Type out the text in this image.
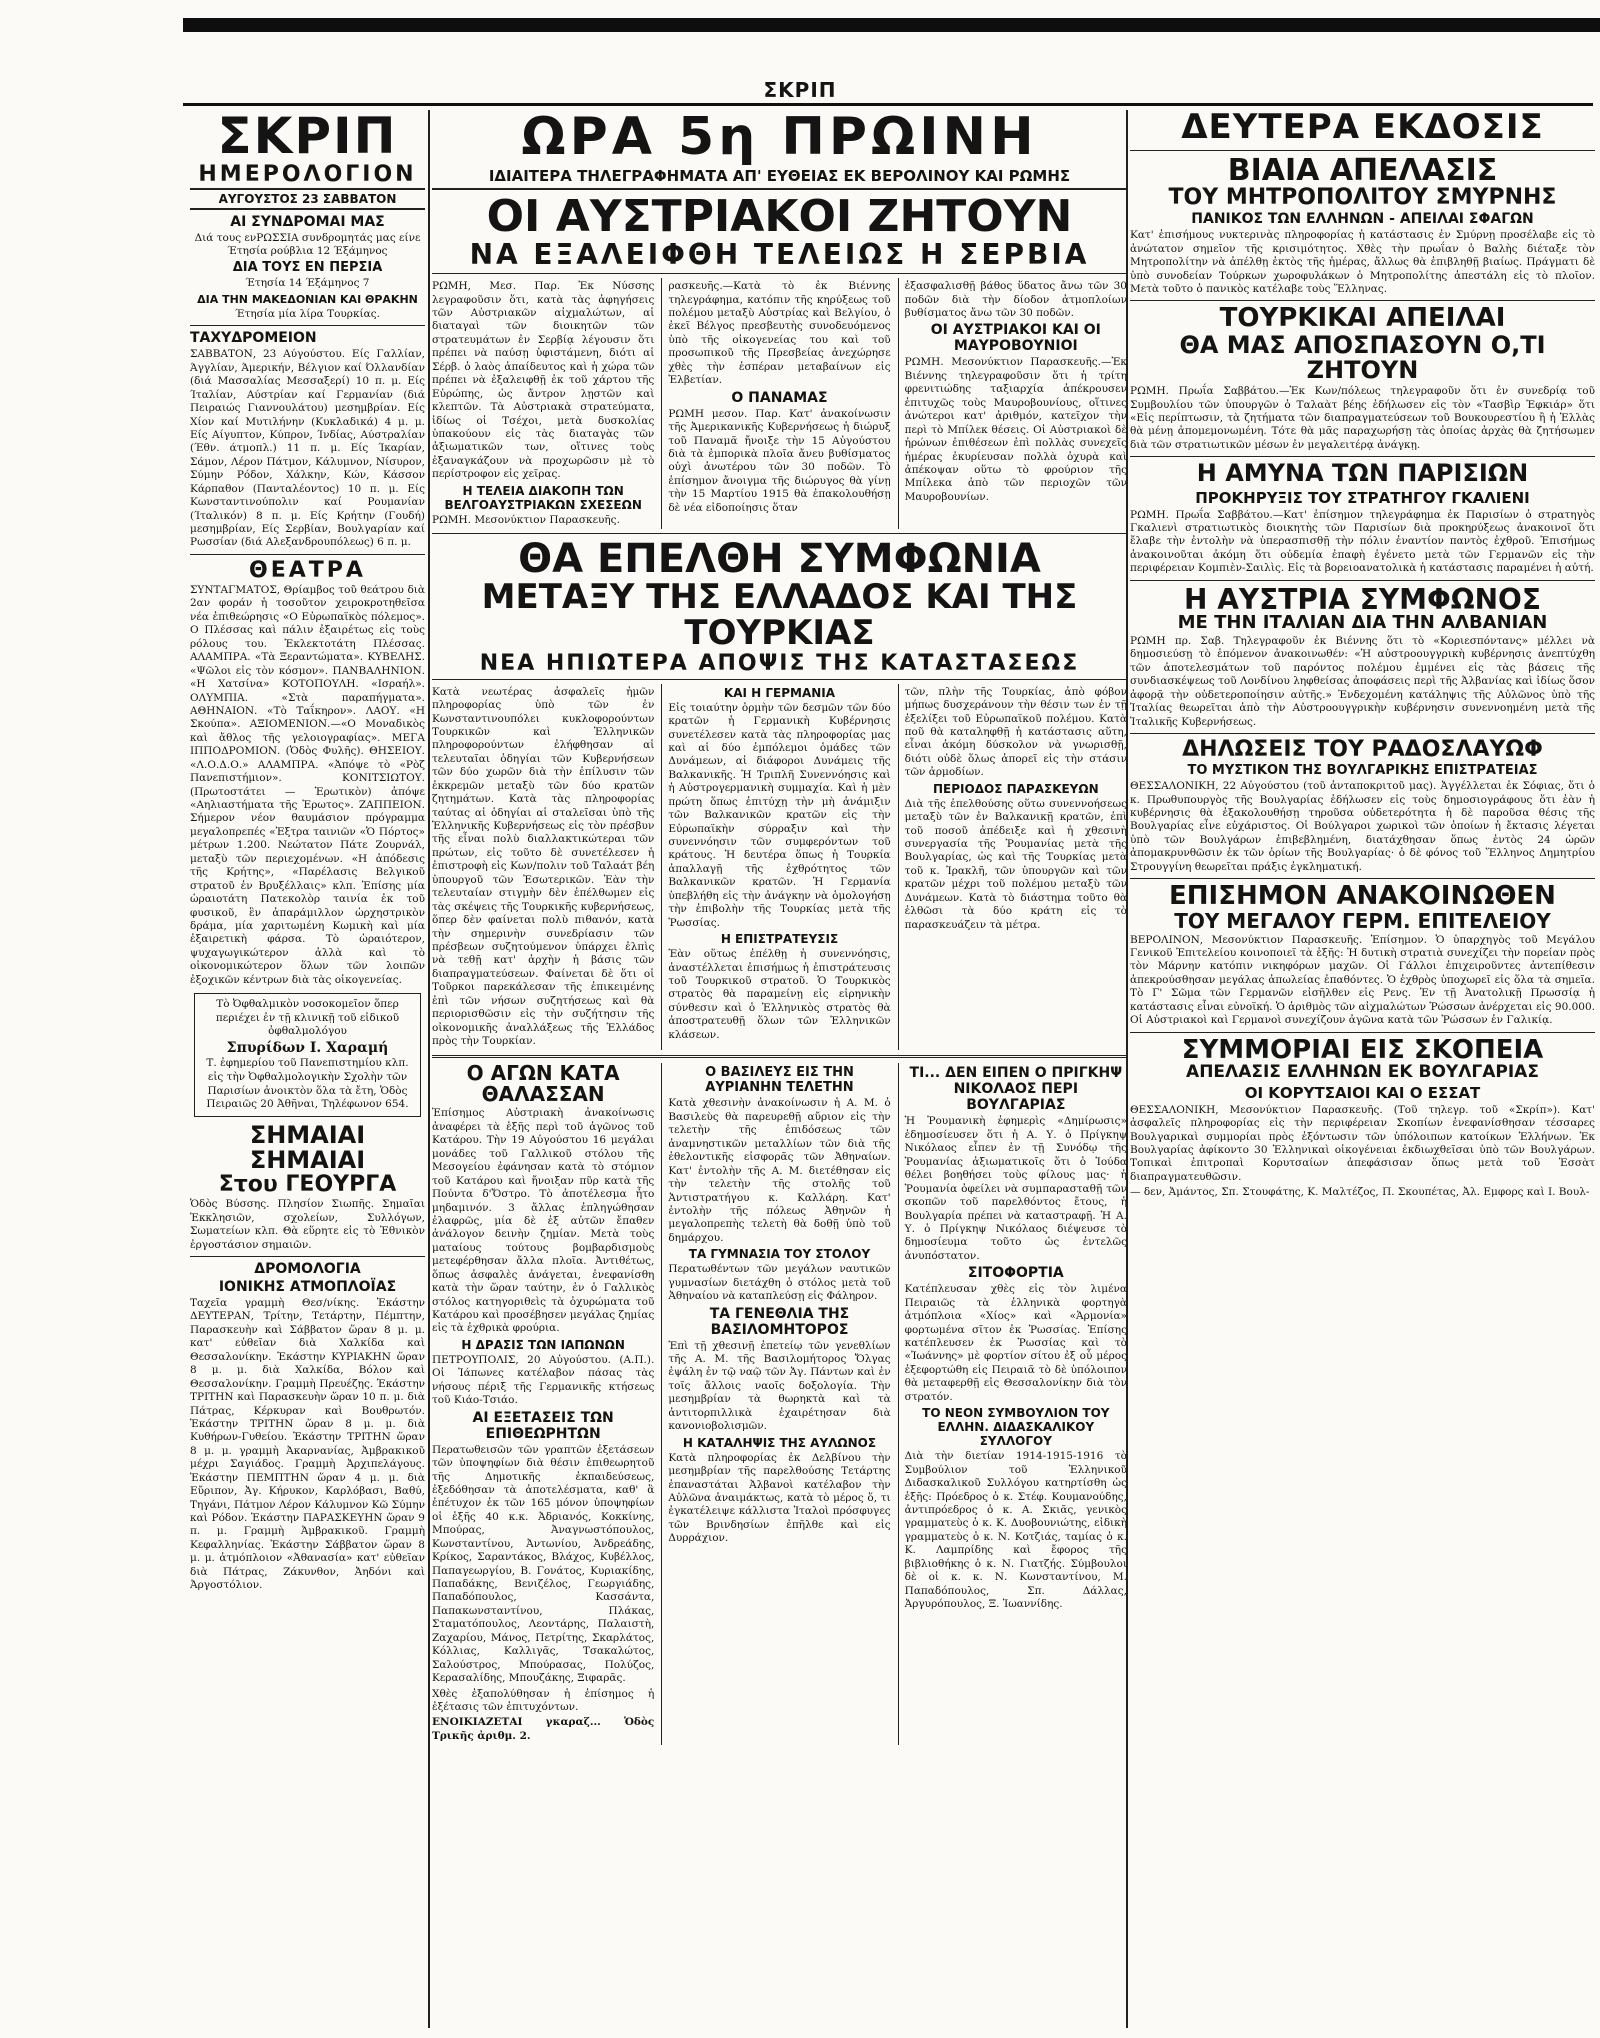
ΣΚΡΙΠ
ΣΚΡΙΠ
ΗΜΕΡΟΛΟΓΙΟΝ
ΑΥΓΟΥΣΤΟΣ 23 ΣΑΒΒΑΤΟΝ
ΑΙ ΣΥΝΔΡΟΜΑΙ ΜΑΣ
Διά τους ενΡΩΣΣΙΑ συνδρομητάς μας είνε Έτησία ρούβλια 12 Έξάμηνος
ΔΙΑ ΤΟΥΣ ΕΝ ΠΕΡΣΙΑ
Έτησία 14 Έξάμηνος 7
ΔΙΑ ΤΗΝ ΜΑΚΕΔΟΝΙΑΝ ΚΑΙ ΘΡΑΚΗΝ
Έτησία μία λίρα Τουρκίας.
ΤΑΧΥΔΡΟΜΕΙΟΝ
ΣΑΒΒΑΤΟΝ, 23 Αύγούστου. Είς Γαλλίαν, Άγγλίαν, Άμερικήν, Βέλγιον καί Όλλανδίαν (διά Μασσαλίας Μεσσαξερί) 10 π. μ. Είς Ίταλίαν, Αύστρίαν καί Γερμανίαν (διά Πειραιώς Γιαννουλάτου) μεσημβρίαν. Είς Χίον καί Μυτιλήνην (Κυκλαδικά) 4 μ. μ. Είς Αίγυπτον, Κύπρον, Ίνδίας, Αύστραλίαν (Έθν. άτμοπλ.) 11 π. μ. Είς Ίκαρίαν, Σάμον, Λέρον Πάτμον, Κάλυμνον, Νίσυρον, Σύμην Ρόδον, Χάλκην, Κών, Κάσσον Κάρπαθον (Πανταλέοντος) 10 π. μ. Είς Κωνσταντινούπολιν καί Ρουμανίαν (Ίταλικόν) 8 π. μ. Είς Κρήτην (Γουδή) μεσημβρίαν, Είς Σερβίαν, Βουλγαρίαν καί Ρωσσίαν (διά Αλεξανδρουπόλεως) 6 π. μ.
ΘΕΑΤΡΑ
ΣΥΝΤΑΓΜΑΤΟΣ, Θρίαμβος τοῦ θεάτρου διὰ 2αν φοράν ἡ τοσοῦτον χειροκροτηθεῖσα νέα ἐπιθεώρησις «Ο Εὐρωπαϊκὸς πόλεμος». Ο Πλέσσας καὶ πάλιν ἐξαιρέτως εἰς τοὺς ρόλους του. Ἐκλεκτοτάτη Πλέσσας. ΑΛΑΜΠΡΑ. «Τὰ Ξεραντώματα». ΚΥΒΕΛΗΣ. «Ψῶλοι εἰς τὸν κόσμον». ΠΑΝΒΑΛΗΝΙΟΝ. «Η Χατσίνα» ΚΟΤΟΠΟΥΛΗ. «Ισραήλ». ΟΛΥΜΠΙΑ. «Στὰ παραπήγματα». ΑΘΗΝΑΙΟΝ. «Τὸ Ταΐκηρον». ΛΑΟΥ. «Η Σκούπα». ΑΞΙΟΜΕΝΙΟΝ.—«Ο Μοναδικὸς καὶ ἄθλος τῆς γελοιογραφίας». ΜΕΓΑ ΙΠΠΟΔΡΟΜΙΟΝ. (Ὁδὸς Φυλῆς). ΘΗΣΕΙΟΥ. «Λ.Ο.Δ.Ο.» ΑΛΑΜΠΡΑ. «Ἀπόψε τὸ «Ρὸζ Πανεπιστήμιον». ΚΟΝΙΤΣΙΩΤΟΥ. (Πρωτοστάτει — Ἑρωτικὸν) ἀπόψε «Αηλιαστήματα τῆς Ἑρωτος». ΖΑΠΠΕΙΟΝ. Σήμερον νέον θαυμάσιον πρόγραμμα μεγαλοπρεπές «Ἐξτρα ταινιῶν «Ὁ Πόρτος» μέτρων 1.200. Νεώτατον Πάτε Ζουρνάλ, μεταξὺ τῶν περιεχομένων. «Η ἀπόδεσις τῆς Κρήτης», «Παρέλασις Βελγικοῦ στρατοῦ ἐν Βρυξέλλαις» κλπ. Ἐπίσης μία ὡραιοτάτη Πατεκολὸρ ταινία ἐκ τοῦ φυσικοῦ, ἓν ἀπαράμιλλον ὠρχηστρικὸν δράμα, μία χαριτωμένη Κωμικὴ καὶ μία ἐξαιρετικὴ φάρσα. Τὸ ὡραιότερον, ψυχαγωγικώτερον ἀλλὰ καὶ τὸ οἰκονομικώτερον ὅλων τῶν λοιπῶν ἐξοχικῶν κέντρων διὰ τὰς οἰκογενείας.
Τὸ Ὀφθαλμικὸν νοσοκομεῖον ὅπερ περιέχει ἐν τῇ κλινικῇ τοῦ εἰδικοῦ ὀφθαλμολόγου
Σπυρίδων Ι. Χαραμή
Τ. ἐφημερίου τοῦ Πανεπιστημίου κλπ. εἰς τὴν Ὀφθαλμολογικὴν Σχολὴν τῶν Παρισίων ἀνοικτὸν ὅλα τὰ ἔτη, Ὁδὸς Πειραιῶς 20 Ἀθῆναι, Τηλέφωνον 654.
ΣΗΜΑΙΑΙ ΣΗΜΑΙΑΙ
Στου ΓΕΟΥΡΓΑ
Ὁδὸς Βύσσης. Πλησίον Σιωπῆς. Σημαῖαι Ἐκκλησιῶν, σχολείων, Συλλόγων, Σωματείων κλπ. Θὰ εὕρητε εἰς τὸ Ἐθνικὸν ἐργοστάσιον σημαιῶν.
ΔΡΟΜΟΛΟΓΙΑ
ΙΟΝΙΚΗΣ ΑΤΜΟΠΛΟΪΑΣ
Ταχεῖα γραμμὴ Θεσ/νίκης. Ἑκάστην ΔΕΥΤΕΡΑΝ, Τρίτην, Τετάρτην, Πέμπτην, Παρασκευὴν καὶ Σάββατον ὥραν 8 μ. μ. κατ' εὐθεῖαν διὰ Χαλκίδα καὶ Θεσσαλονίκην. Ἑκάστην ΚΥΡΙΑΚΗΝ ὥραν 8 μ. μ. διὰ Χαλκίδα, Βόλον καὶ Θεσσαλονίκην. Γραμμὴ Πρευέζης. Ἑκάστην ΤΡΙΤΗΝ καὶ Παρασκευὴν ὥραν 10 π. μ. διὰ Πάτρας, Κέρκυραν καὶ Βουθρωτόν. Ἑκάστην ΤΡΙΤΗΝ ὥραν 8 μ. μ. διὰ Κυθήρων-Γυθείου. Ἑκάστην ΤΡΙΤΗΝ ὥραν 8 μ. μ. γραμμὴ Ἀκαρνανίας, Ἀμβρακικοῦ μέχρι Σαγιάδος. Γραμμὴ Ἀρχιπελάγους. Ἑκάστην ΠΕΜΠΤΗΝ ὥραν 4 μ. μ. διὰ Εὔριπον, Ἀγ. Κήρυκον, Καρλόβασι, Βαθύ, Τηγάνι, Πάτμον Λέρον Κάλυμνον Κῶ Σύμην καὶ Ρόδον. Ἑκάστην ΠΑΡΑΣΚΕΥΗΝ ὥραν 9 π. μ. Γραμμὴ Ἀμβρακικοῦ. Γραμμὴ Κεφαλληνίας. Ἑκάστην Σάββατον ὥραν 8 μ. μ. ἀτμόπλοιον «Ἀθανασία» κατ' εὐθεῖαν διὰ Πάτρας, Ζάκυνθον, Ἀηδόνι καὶ Ἀργοστόλιον.
ΩΡΑ 5η ΠΡΩΙΝΗ
ΙΔΙΑΙΤΕΡΑ ΤΗΛΕΓΡΑΦΗΜΑΤΑ ΑΠ' ΕΥΘΕΙΑΣ ΕΚ ΒΕΡΟΛΙΝΟΥ ΚΑΙ ΡΩΜΗΣ
ΟΙ ΑΥΣΤΡΙΑΚΟΙ ΖΗΤΟΥΝ
ΝΑ ΕΞΑΛΕΙΦΘΗ ΤΕΛΕΙΩΣ Η ΣΕΡΒΙΑ
ΡΩΜΗ, Μεσ. Παρ. Ἐκ Νύσσης λεγραφοῦσιν ὅτι, κατὰ τὰς ἀφηγήσεις τῶν Αὐστριακῶν αἰχμαλώτων, αἱ διαταγαὶ τῶν διοικητῶν τῶν στρατευμάτων ἐν Σερβίᾳ λέγουσιν ὅτι πρέπει νὰ παύσῃ ὑφιστάμενη, διότι αἱ Σέρβ. ὁ λαὸς ἀπαίδευτος καὶ ἡ χώρα τῶν πρέπει νὰ ἐξαλειφθῇ ἐκ τοῦ χάρτου τῆς Εὐρώπης, ὡς ἄντρον λῃστῶν καὶ κλεπτῶν. Τὰ Αὐστριακὰ στρατεύματα, ἰδίως οἱ Τσέχοι, μετὰ δυσκολίας ὑπακούουν εἰς τὰς διαταγὰς τῶν ἀξιωματικῶν των, οἵτινες τοὺς ἐξαναγκάζουν νὰ προχωρῶσιν μὲ τὸ περίστροφον εἰς χεῖρας.
Η ΤΕΛΕΙΑ ΔΙΑΚΟΠΗ ΤΩΝ ΒΕΛΓΟΑΥΣΤΡΙΑΚΩΝ ΣΧΕΣΕΩΝ
ΡΩΜΗ. Μεσονύκτιον Παρασκευῆς.
ρασκευῆς.—Κατὰ τὸ ἐκ Βιέννης τηλεγράφημα, κατόπιν τῆς κηρύξεως τοῦ πολέμου μεταξὺ Αὐστρίας καὶ Βελγίου, ὁ ἐκεῖ Βέλγος πρεσβευτὴς συνοδευόμενος ὑπὸ τῆς οἰκογενείας του καὶ τοῦ προσωπικοῦ τῆς Πρεσβείας ἀνεχώρησε χθὲς τὴν ἑσπέραν μεταβαίνων εἰς Ἑλβετίαν.
Ο ΠΑΝΑΜΑΣ
ΡΩΜΗ μεσον. Παρ. Κατ' ἀνακοίνωσιν τῆς Ἀμερικανικῆς Κυβερνήσεως ἡ διώρυξ τοῦ Παναμᾶ ἤνοιξε τὴν 15 Αὐγούστου διὰ τὰ ἐμπορικὰ πλοῖα ἄνευ βυθίσματος οὐχὶ ἀνωτέρου τῶν 30 ποδῶν. Τὸ ἐπίσημον ἄνοιγμα τῆς διώρυγος θὰ γίνῃ τὴν 15 Μαρτίου 1915 θὰ ἐπακολουθήσῃ δὲ νέα εἰδοποίησις ὅταν
ἐξασφαλισθῇ βάθος ὕδατος ἄνω τῶν 30 ποδῶν διὰ τὴν δίοδον ἀτμοπλοίων βυθίσματος ἄνω τῶν 30 ποδῶν.
ΟΙ ΑΥΣΤΡΙΑΚΟΙ ΚΑΙ ΟΙ ΜΑΥΡΟΒΟΥΝΙΟΙ
ΡΩΜΗ. Μεσονύκτιον Παρασκευῆς.—Ἐκ Βιέννης τηλεγραφοῦσιν ὅτι ἡ τρίτη φρενιτιώδης ταξιαρχία ἀπέκρουσεν ἐπιτυχῶς τοὺς Μαυροβουνίους, οἵτινες ἀνώτεροι κατ' ἀριθμόν, κατεῖχον τὴν περὶ τὸ Μπίλεκ θέσεις. Οἱ Αὐστριακοὶ δὲ ἠρώνων ἐπιθέσεων ἐπὶ πολλὰς συνεχεῖς ἡμέρας ἐκυρίευσαν πολλὰ ὀχυρὰ καὶ ἀπέκοψαν οὕτω τὸ φρούριον τῆς Μπίλεκα ἀπὸ τῶν περιοχῶν τῶν Μαυροβουνίων.
ΘΑ ΕΠΕΛΘΗ ΣΥΜΦΩΝΙΑ
ΜΕΤΑΞΥ ΤΗΣ ΕΛΛΑΔΟΣ ΚΑΙ ΤΗΣ ΤΟΥΡΚΙΑΣ
ΝΕΑ ΗΠΙΩΤΕΡΑ ΑΠΟΨΙΣ ΤΗΣ ΚΑΤΑΣΤΑΣΕΩΣ
Κατὰ νεωτέρας ἀσφαλεῖς ἡμῶν πληροφορίας ὑπὸ τῶν ἐν Κωνσταντινουπόλει κυκλοφορούντων Τουρκικῶν καὶ Ἑλληνικῶν πληροφορούντων ἐλήφθησαν αἱ τελευταῖαι ὁδηγίαι τῶν Κυβερνήσεων τῶν δύο χωρῶν διὰ τὴν ἐπίλυσιν τῶν ἐκκρεμῶν μεταξὺ τῶν δύο κρατῶν ζητημάτων. Κατὰ τὰς πληροφορίας ταύτας αἱ ὁδηγίαι αἱ σταλεῖσαι ὑπὸ τῆς Ἑλληνικῆς Κυβερνήσεως εἰς τὸν πρέσβυν τῆς εἶναι πολὺ διαλλακτικώτεραι τῶν πρώτων, εἰς τοῦτο δὲ συνετέλεσεν ἡ ἐπιστροφὴ εἰς Κων/πολιν τοῦ Ταλαάτ βέη ὑπουργοῦ τῶν Ἐσωτερικῶν. Ἐὰν τὴν τελευταίαν στιγμὴν δὲν ἐπέλθωμεν εἰς τὰς σκέψεις τῆς Τουρκικῆς κυβερνήσεως, ὅπερ δὲν φαίνεται πολὺ πιθανόν, κατὰ τὴν σημερινὴν συνεδρίασιν τῶν πρέσβεων συζητούμενον ὑπάρχει ἐλπὶς νὰ τεθῇ κατ' ἀρχὴν ἡ βάσις τῶν διαπραγματεύσεων. Φαίνεται δὲ ὅτι οἱ Τοῦρκοι παρεκάλεσαν τῆς ἐπικειμένης ἐπὶ τῶν νήσων συζητήσεως καὶ θὰ περιορισθῶσιν εἰς τὴν συζήτησιν τῆς οἰκονομικῆς ἀναλλάξεως τῆς Ἑλλάδος πρὸς τὴν Τουρκίαν.
ΚΑΙ Η ΓΕΡΜΑΝΙΑ
Εἰς τοιαύτην ὁρμὴν τῶν δεσμῶν τῶν δύο κρατῶν ἡ Γερμανικὴ Κυβέρνησις συνετέλεσεν κατὰ τὰς πληροφορίας μας καὶ αἱ δύο ἐμπόλεμοι ὁμάδες τῶν Δυνάμεων, αἱ διάφοροι Δυνάμεις τῆς Βαλκανικῆς. Ἡ Τριπλῆ Συνεννόησις καὶ ἡ Αὐστρογερμανικὴ συμμαχία. Καὶ ἡ μὲν πρώτη ὅπως ἐπιτύχῃ τὴν μὴ ἀνάμιξιν τῶν Βαλκανικῶν κρατῶν εἰς τὴν Εὐρωπαϊκὴν σύρραξιν καὶ τὴν συνεννόησιν τῶν συμφερόντων τοῦ κράτους. Ἡ δευτέρα ὅπως ἡ Τουρκία ἀπαλλαγῇ τῆς ἐχθρότητος τῶν Βαλκανικῶν κρατῶν. Ἡ Γερμανία ὑπεβλήθη εἰς τὴν ἀνάγκην νὰ ὁμολογήσῃ τὴν ἐπιβολὴν τῆς Τουρκίας μετὰ τῆς Ῥωσσίας.
Η ΕΠΙΣΤΡΑΤΕΥΣΙΣ
Ἐὰν οὕτως ἐπέλθῃ ἡ συνεννόησις, ἀναστέλλεται ἐπισήμως ἡ ἐπιστράτευσις τοῦ Τουρκικοῦ στρατοῦ. Ὁ Τουρκικὸς στρατὸς θὰ παραμείνῃ εἰς εἰρηνικὴν σύνθεσιν καὶ ὁ Ἑλληνικὸς στρατὸς θὰ ἀποστρατευθῇ ὅλων τῶν Ἑλληνικῶν κλάσεων.
τῶν, πλὴν τῆς Τουρκίας, ἀπὸ φόβον μήπως δυσχεράνουν τὴν θέσιν των ἐν τῇ ἐξελίξει τοῦ Εὐρωπαϊκοῦ πολέμου. Κατὰ ποῦ θὰ καταληφθῇ ἡ κατάστασις αὕτη, εἶναι ἀκόμη δύσκολον νὰ γνωρισθῇ, διότι οὐδὲ ὅλως ἀπορεῖ εἰς τὴν στάσιν τῶν ἀρμοδίων.
ΠΕΡΙΟΔΟΣ ΠΑΡΑΣΚΕΥΩΝ
Διὰ τῆς ἐπελθούσης οὕτω συνεννοήσεως μεταξὺ τῶν ἐν Βαλκανικῇ κρατῶν, ἐπὶ τοῦ ποσοῦ ἀπέδειξε καὶ ἡ χθεσινὴ συνεργασία τῆς Ῥουμανίας μετὰ τῆς Βουλγαρίας, ὡς καὶ τῆς Τουρκίας μετὰ τοῦ κ. Ἰρακλῆ, τῶν ὑπουργῶν καὶ τῶν κρατῶν μέχρι τοῦ πολέμου μεταξὺ τῶν Δυνάμεων. Κατὰ τὸ διάστημα τοῦτο θὰ ἐλθῶσι τὰ δύο κράτη εἰς τὸ παρασκευάζειν τὰ μέτρα.
Ο ΑΓΩΝ ΚΑΤΑ ΘΑΛΑΣΣΑΝ
Ἐπίσημος Αὐστριακὴ ἀνακοίνωσις ἀναφέρει τὰ ἑξῆς περὶ τοῦ ἀγῶνος τοῦ Κατάρου. Τὴν 19 Αὐγούστου 16 μεγάλαι μονάδες τοῦ Γαλλικοῦ στόλου τῆς Μεσογείου ἐφάνησαν κατὰ τὸ στόμιον τοῦ Κατάρου καὶ ἤνοιξαν πῦρ κατὰ τῆς Πούντα δ'Ὄστρο. Τὸ ἀποτέλεσμα ἦτο μηδαμινόν. 3 ἄλλας ἐπληγώθησαν ἐλαφρῶς, μία δὲ ἐξ αὐτῶν ἔπαθεν ἀνάλογον δεινὴν ζημίαν. Μετὰ τοὺς ματαίους τούτους βομβαρδισμοὺς μετεφέρθησαν ἄλλα πλοῖα. Ἀντιθέτως, ὅπως ἀσφαλὲς ἀνάγεται, ἐνεφανίσθη κατὰ τὴν ὥραν ταύτην, ἐν ὁ Γαλλικὸς στόλος κατηγοριθεὶς τὰ ὀχυρώματα τοῦ Κατάρου καὶ προσέβησεν μεγάλας ζημίας εἰς τὰ ἐχθρικὰ φρούρια.
Η ΔΡΑΣΙΣ ΤΩΝ ΙΑΠΩΝΩΝ
ΠΕΤΡΟΥΠΟΛΙΣ, 20 Αὐγούστου. (Α.Π.). Οἱ Ἰάπωνες κατέλαβον πάσας τὰς νήσους πέριξ τῆς Γερμανικῆς κτήσεως τοῦ Κιάο-Τσιάο.
ΑΙ ΕΞΕΤΑΣΕΙΣ ΤΩΝ ΕΠΙΘΕΩΡΗΤΩΝ
Περατωθεισῶν τῶν γραπτῶν ἐξετάσεων τῶν ὑποψηφίων διὰ θέσιν ἐπιθεωρητοῦ τῆς Δημοτικῆς ἐκπαιδεύσεως, ἐξεδόθησαν τὰ ἀποτελέσματα, καθ' ἃ ἐπέτυχον ἐκ τῶν 165 μόνον ὑποψηφίων οἱ ἑξῆς 40 κ.κ. Ἀδριανός, Κοκκίνης, Μπούρας, Ἀναγνωστόπουλος, Κωνσταντίνου, Ἀντωνίου, Ἀνδρεάδης, Κρίκος, Σαραντάκος, Βλάχος, Κυβέλλος, Παπαγεωργίου, Β. Γονάτος, Κυριακίδης, Παπαδάκης, Βενιζέλος, Γεωργιάδης, Παπαδόπουλος, Κασσάντα, Παπακωνσταντίνου, Πλάκας, Σταματόπουλος, Λεοντάρης, Παλαιστὴ, Ζαχαρίου, Μάνος, Πετρίτης, Σκαρλάτος, Κόλλιας, Καλλιγᾶς, Τσακαλώτος, Σαλούστρος, Μπούρασας, Πολύζος, Κερασαλίδης, Μπουζάκης, Ξιφαρᾶς.
Χθὲς ἐξαπολύθησαν ἡ ἐπίσημος ἡ ἐξέτασις τῶν ἐπιτυχόντων.
ΕΝΟΙΚΙΑΖΕΤΑΙ γκαραζ... Ὁδὸς Τρικῆς ἀριθμ. 2.
Ο ΒΑΣΙΛΕΥΣ ΕΙΣ ΤΗΝ ΑΥΡΙΑΝΗΝ ΤΕΛΕΤΗΝ
Κατὰ χθεσινὴν ἀνακοίνωσιν ἡ Α. Μ. ὁ Βασιλεὺς θὰ παρευρεθῇ αὔριον εἰς τὴν τελετὴν τῆς ἐπιδόσεως τῶν ἀναμνηστικῶν μεταλλίων τῶν διὰ τῆς ἐθελοντικῆς εἰσφορᾶς τῶν Ἀθηναίων. Κατ' ἐντολὴν τῆς Α. Μ. διετέθησαν εἰς τὴν τελετὴν τῆς στολῆς τοῦ Ἀντιστρατήγου κ. Καλλάρη. Κατ' ἐντολὴν τῆς πόλεως Ἀθηνῶν ἡ μεγαλοπρεπὴς τελετὴ θὰ δοθῇ ὑπὸ τοῦ δημάρχου.
ΤΑ ΓΥΜΝΑΣΙΑ ΤΟΥ ΣΤΟΛΟΥ
Περατωθέντων τῶν μεγάλων ναυτικῶν γυμνασίων διετάχθη ὁ στόλος μετὰ τοῦ Ἀθηναίου νὰ καταπλεύσῃ εἰς Φάληρον.
ΤΑ ΓΕΝΕΘΛΙΑ ΤΗΣ ΒΑΣΙΛΟΜΗΤΟΡΟΣ
Ἐπὶ τῇ χθεσινῇ ἐπετείῳ τῶν γενεθλίων τῆς Α. Μ. τῆς Βασιλομήτορος Ὄλγας ἐψάλη ἐν τῷ ναῷ τῶν Ἀγ. Πάντων καὶ ἐν τοῖς ἄλλοις ναοῖς δοξολογία. Τὴν μεσημβρίαν τὰ θωρηκτὰ καὶ τὰ ἀντιτορπιλλικὰ ἐχαιρέτησαν διὰ κανονιοβολισμῶν.
Η ΚΑΤΑΛΗΨΙΣ ΤΗΣ ΑΥΛΩΝΟΣ
Κατὰ πληροφορίας ἐκ Δελβίνου τὴν μεσημβρίαν τῆς παρελθούσης Τετάρτης ἐπαναστάται Ἀλβανοὶ κατέλαβον τὴν Αὐλῶνα ἀναιμάκτως, κατὰ τὸ μέρος ὅ, τι ἐγκατέλειψε κάλλιστα Ἰταλοὶ πρόσφυγες τῶν Βρινδησίων ἐπῆλθε καὶ εἰς Δυρράχιον.
ΤΙ... ΔΕΝ ΕΙΠΕΝ Ο ΠΡΙΓΚΗΨ ΝΙΚΟΛΑΟΣ ΠΕΡΙ ΒΟΥΛΓΑΡΙΑΣ
Ἡ Ῥουμανικὴ ἐφημερὶς «Δημίρωσις» ἐδημοσίευσεν ὅτι ἡ Α. Υ. ὁ Πρίγκηψ Νικόλαος εἶπεν ἐν τῇ Συνόδῳ τῆς Ῥουμανίας ἀξιωματικοῖς ὅτι ὁ Ἰούδα θέλει βοηθήσει τοὺς φίλους μας· ἡ Ῥουμανία ὀφείλει νὰ συμπαρασταθῇ τῶν σκοπῶν τοῦ παρελθόντος ἔτους, ἡ Βουλγαρία πρέπει νὰ καταστραφῇ. Ἡ Α. Υ. ὁ Πρίγκηψ Νικόλαος διέψευσε τὸ δημοσίευμα τοῦτο ὡς ἐντελῶς ἀνυπόστατον.
ΣΙΤΟΦΟΡΤΙΑ
Κατέπλευσαν χθὲς εἰς τὸν λιμένα Πειραιῶς τὰ ἑλληνικὰ φορτηγὰ ἀτμόπλοια «Χίος» καὶ «Ἁρμονία» φορτωμένα σῖτον ἐκ Ῥωσσίας. Ἐπίσης κατέπλευσεν ἐκ Ῥωσσίας καὶ τὸ «Ἰωάννης» μὲ φορτίον σίτου ἐξ οὗ μέρος ἐξεφορτώθη εἰς Πειραιᾶ τὸ δὲ ὑπόλοιπον θὰ μεταφερθῇ εἰς Θεσσαλονίκην διὰ τὸν στρατόν.
ΤΟ ΝΕΟΝ ΣΥΜΒΟΥΛΙΟΝ ΤΟΥ ΕΛΛΗΝ. ΔΙΔΑΣΚΑΛΙΚΟΥ ΣΥΛΛΟΓΟΥ
Διὰ τὴν διετίαν 1914-1915-1916 τὸ Συμβούλιον τοῦ Ἑλληνικοῦ Διδασκαλικοῦ Συλλόγου κατηρτίσθη ὡς ἑξῆς: Πρόεδρος ὁ κ. Στέφ. Κουμανούδης, ἀντιπρόεδρος ὁ κ. Α. Σκιᾶς, γενικὸς γραμματεὺς ὁ κ. Κ. Δυοβουνιώτης, εἰδικὴ γραμματεὺς ὁ κ. Ν. Κοτζιάς, ταμίας ὁ κ. Κ. Λαμπρίδης καὶ ἔφορος τῆς βιβλιοθήκης ὁ κ. Ν. Γιατζής. Σύμβουλοι δὲ οἱ κ. κ. Ν. Κωνσταντίνου, Μ. Παπαδόπουλος, Σπ. Δάλλας, Ἀργυρόπουλος, Ξ. Ἰωαννίδης.
ΔΕΥΤΕΡΑ ΕΚΔΟΣΙΣ
ΒΙΑΙΑ ΑΠΕΛΑΣΙΣ
ΤΟΥ ΜΗΤΡΟΠΟΛΙΤΟΥ ΣΜΥΡΝΗΣ
ΠΑΝΙΚΟΣ ΤΩΝ ΕΛΛΗΝΩΝ - ΑΠΕΙΛΑΙ ΣΦΑΓΩΝ
Κατ' ἐπισήμους νυκτερινὰς πληροφορίας ἡ κατάστασις ἐν Σμύρνῃ προσέλαβε εἰς τὸ ἀνώτατον σημεῖον τῆς κρισιμότητος. Χθὲς τὴν πρωΐαν ὁ Βαλὴς διέταξε τὸν Μητροπολίτην νὰ ἀπέλθῃ ἐκτὸς τῆς ἡμέρας, ἄλλως θὰ ἐπιβληθῇ βιαίως. Πράγματι δὲ ὑπὸ συνοδείαν Τούρκων χωροφυλάκων ὁ Μητροπολίτης ἀπεστάλη εἰς τὸ πλοῖον. Μετὰ τοῦτο ὁ πανικὸς κατέλαβε τοὺς Ἕλληνας.
ΤΟΥΡΚΙΚΑΙ ΑΠΕΙΛΑΙ
ΘΑ ΜΑΣ ΑΠΟΣΠΑΣΟΥΝ Ο,ΤΙ ΖΗΤΟΥΝ
ΡΩΜΗ. Πρωΐα Σαββάτου.—Ἐκ Κων/πόλεως τηλεγραφοῦν ὅτι ἐν συνεδρίᾳ τοῦ Συμβουλίου τῶν ὑπουργῶν ὁ Ταλαὰτ βέης ἐδήλωσεν εἰς τὸν «Τασβὶρ Ἐφκιάρ» ὅτι «Εἰς περίπτωσιν, τὰ ζητήματα τῶν διαπραγματεύσεων τοῦ Βουκουρεστίου ἢ ἡ Ἑλλὰς θὰ μένῃ ἀπομεμονωμένη. Τότε θὰ μᾶς παραχωρήσῃ τὰς ὁποίας ἀρχὰς θὰ ζητήσωμεν διὰ τῶν στρατιωτικῶν μέσων ἐν μεγαλειτέρᾳ ἀνάγκῃ.
Η ΑΜΥΝΑ ΤΩΝ ΠΑΡΙΣΙΩΝ
ΠΡΟΚΗΡΥΞΙΣ ΤΟΥ ΣΤΡΑΤΗΓΟΥ ΓΚΑΛΙΕΝΙ
ΡΩΜΗ. Πρωΐα Σαββάτου.—Κατ' ἐπίσημον τηλεγράφημα ἐκ Παρισίων ὁ στρατηγὸς Γκαλιενὶ στρατιωτικὸς διοικητὴς τῶν Παρισίων διὰ προκηρύξεως ἀνακοινοῖ ὅτι ἔλαβε τὴν ἐντολὴν νὰ ὑπερασπισθῇ τὴν πόλιν ἐναντίον παντὸς ἐχθροῦ. Ἐπισήμως ἀνακοινοῦται ἀκόμη ὅτι οὐδεμία ἐπαφὴ ἐγένετο μετὰ τῶν Γερμανῶν εἰς τὴν περιφέρειαν Κομπιὲν-Σαιλὶς. Εἰς τὰ βορειοανατολικὰ ἡ κατάστασις παραμένει ἡ αὐτή.
Η ΑΥΣΤΡΙΑ ΣΥΜΦΩΝΟΣ
ΜΕ ΤΗΝ ΙΤΑΛΙΑΝ ΔΙΑ ΤΗΝ ΑΛΒΑΝΙΑΝ
ΡΩΜΗ πρ. Σαβ. Τηλεγραφοῦν ἐκ Βιέννης ὅτι τὸ «Κοριεσπόντανς» μέλλει νὰ δημοσιεύσῃ τὸ ἑπόμενον ἀνακοινωθέν: «Ἡ αὐστροουγγρικὴ κυβέρνησις ἀνεπτύχθη τῶν ἀποτελεσμάτων τοῦ παρόντος πολέμου ἐμμένει εἰς τὰς βάσεις τῆς συνδιασκέψεως τοῦ Λονδίνου ληφθείσας ἀποφάσεις περὶ τῆς Ἀλβανίας καὶ ἰδίως ὅσον ἀφορᾷ τὴν οὐδετεροποίησιν αὐτῆς.» Ἐνδεχομένη κατάληψις τῆς Αὐλῶνος ὑπὸ τῆς Ἰταλίας θεωρεῖται ἀπὸ τὴν Αὐστροουγγρικὴν κυβέρνησιν συνεννοημένη μετὰ τῆς Ἰταλικῆς Κυβερνήσεως.
ΔΗΛΩΣΕΙΣ ΤΟΥ ΡΑΔΟΣΛΑΥΩΦ
ΤΟ ΜΥΣΤΙΚΟΝ ΤΗΣ ΒΟΥΛΓΑΡΙΚΗΣ ΕΠΙΣΤΡΑΤΕΙΑΣ
ΘΕΣΣΑΛΟΝΙΚΗ, 22 Αὐγούστου (τοῦ ἀνταποκριτοῦ μας). Ἀγγέλλεται ἐκ Σόφιας, ὅτι ὁ κ. Πρωθυπουργὸς τῆς Βουλγαρίας ἐδήλωσεν εἰς τοὺς δημοσιογράφους ὅτι ἐὰν ἡ κυβέρνησις θὰ ἐξακολουθήσῃ τηροῦσα οὐδετερότητα ἡ δὲ παροῦσα θέσις τῆς Βουλγαρίας εἶνε εὐχάριστος. Οἱ Βούλγαροι χωρικοὶ τῶν ὁποίων ἡ ἔκτασις λέγεται ὑπὸ τῶν Βουλγάρων ἐπιβεβλημένη, διατάχθησαν ὅπως ἐντὸς 24 ὡρῶν ἀπομακρυνθῶσιν ἐκ τῶν ὁρίων τῆς Βουλγαρίας· ὁ δὲ φόνος τοῦ Ἕλληνος Δημητρίου Στρουγγίνη θεωρεῖται πράξις ἐγκληματική.
ΕΠΙΣΗΜΟΝ ΑΝΑΚΟΙΝΩΘΕΝ
ΤΟΥ ΜΕΓΑΛΟΥ ΓΕΡΜ. ΕΠΙΤΕΛΕΙΟΥ
ΒΕΡΟΛΙΝΟΝ, Μεσονύκτιον Παρασκευῆς. Ἐπίσημον. Ὁ ὑπαρχηγὸς τοῦ Μεγάλου Γενικοῦ Ἐπιτελείου κοινοποιεῖ τὰ ἑξῆς: Ἡ δυτικὴ στρατιὰ συνεχίζει τὴν πορείαν πρὸς τὸν Μάρνην κατόπιν νικηφόρων μαχῶν. Οἱ Γάλλοι ἐπιχειροῦντες ἀντεπίθεσιν ἀπεκρούσθησαν μεγάλας ἀπωλείας ἐπαθόντες. Ὁ ἐχθρὸς ὑποχωρεῖ εἰς ὅλα τὰ σημεῖα. Τὸ Γ' Σῶμα τῶν Γερμανῶν εἰσῆλθεν εἰς Ρενς. Ἐν τῇ Ἀνατολικῇ Πρωσσίᾳ ἡ κατάστασις εἶναι εὐνοϊκή. Ὁ ἀριθμὸς τῶν αἰχμαλώτων Ῥώσσων ἀνέρχεται εἰς 90.000. Οἱ Αὐστριακοὶ καὶ Γερμανοὶ συνεχίζουν ἀγῶνα κατὰ τῶν Ῥώσσων ἐν Γαλικίᾳ.
ΣΥΜΜΟΡΙΑΙ ΕΙΣ ΣΚΟΠΕΙΑ
ΑΠΕΛΑΣΙΣ ΕΛΛΗΝΩΝ ΕΚ ΒΟΥΛΓΑΡΙΑΣ
ΟΙ ΚΟΡΥΤΣΑΙΟΙ ΚΑΙ Ο ΕΣΣΑΤ
ΘΕΣΣΑΛΟΝΙΚΗ, Μεσονύκτιον Παρασκευῆς. (Τοῦ τηλεγρ. τοῦ «Σκρίπ»). Κατ' ἀσφαλεῖς πληροφορίας εἰς τὴν περιφέρειαν Σκοπίων ἐνεφανίσθησαν τέσσαρες Βουλγαρικαὶ συμμορίαι πρὸς ἐξόντωσιν τῶν ὑπόλοιπων κατοίκων Ἑλλήνων. Ἐκ Βουλγαρίας ἀφίκοντο 30 Ἑλληνικαὶ οἰκογένειαι ἐκδιωχθεῖσαι ὑπὸ τῶν Βουλγάρων. Τοπικαὶ ἐπιτροπαὶ Κορυτσαίων ἀπεφάσισαν ὅπως μετὰ τοῦ Ἐσσὰτ διαπραγματευθῶσιν.
— δεν, Ἀμάντος, Σπ. Στουφάτης, Κ. Μαλτέζος, Π. Σκουπέτας, Ἀλ. Εμφορς καὶ Ι. Βουλ-
